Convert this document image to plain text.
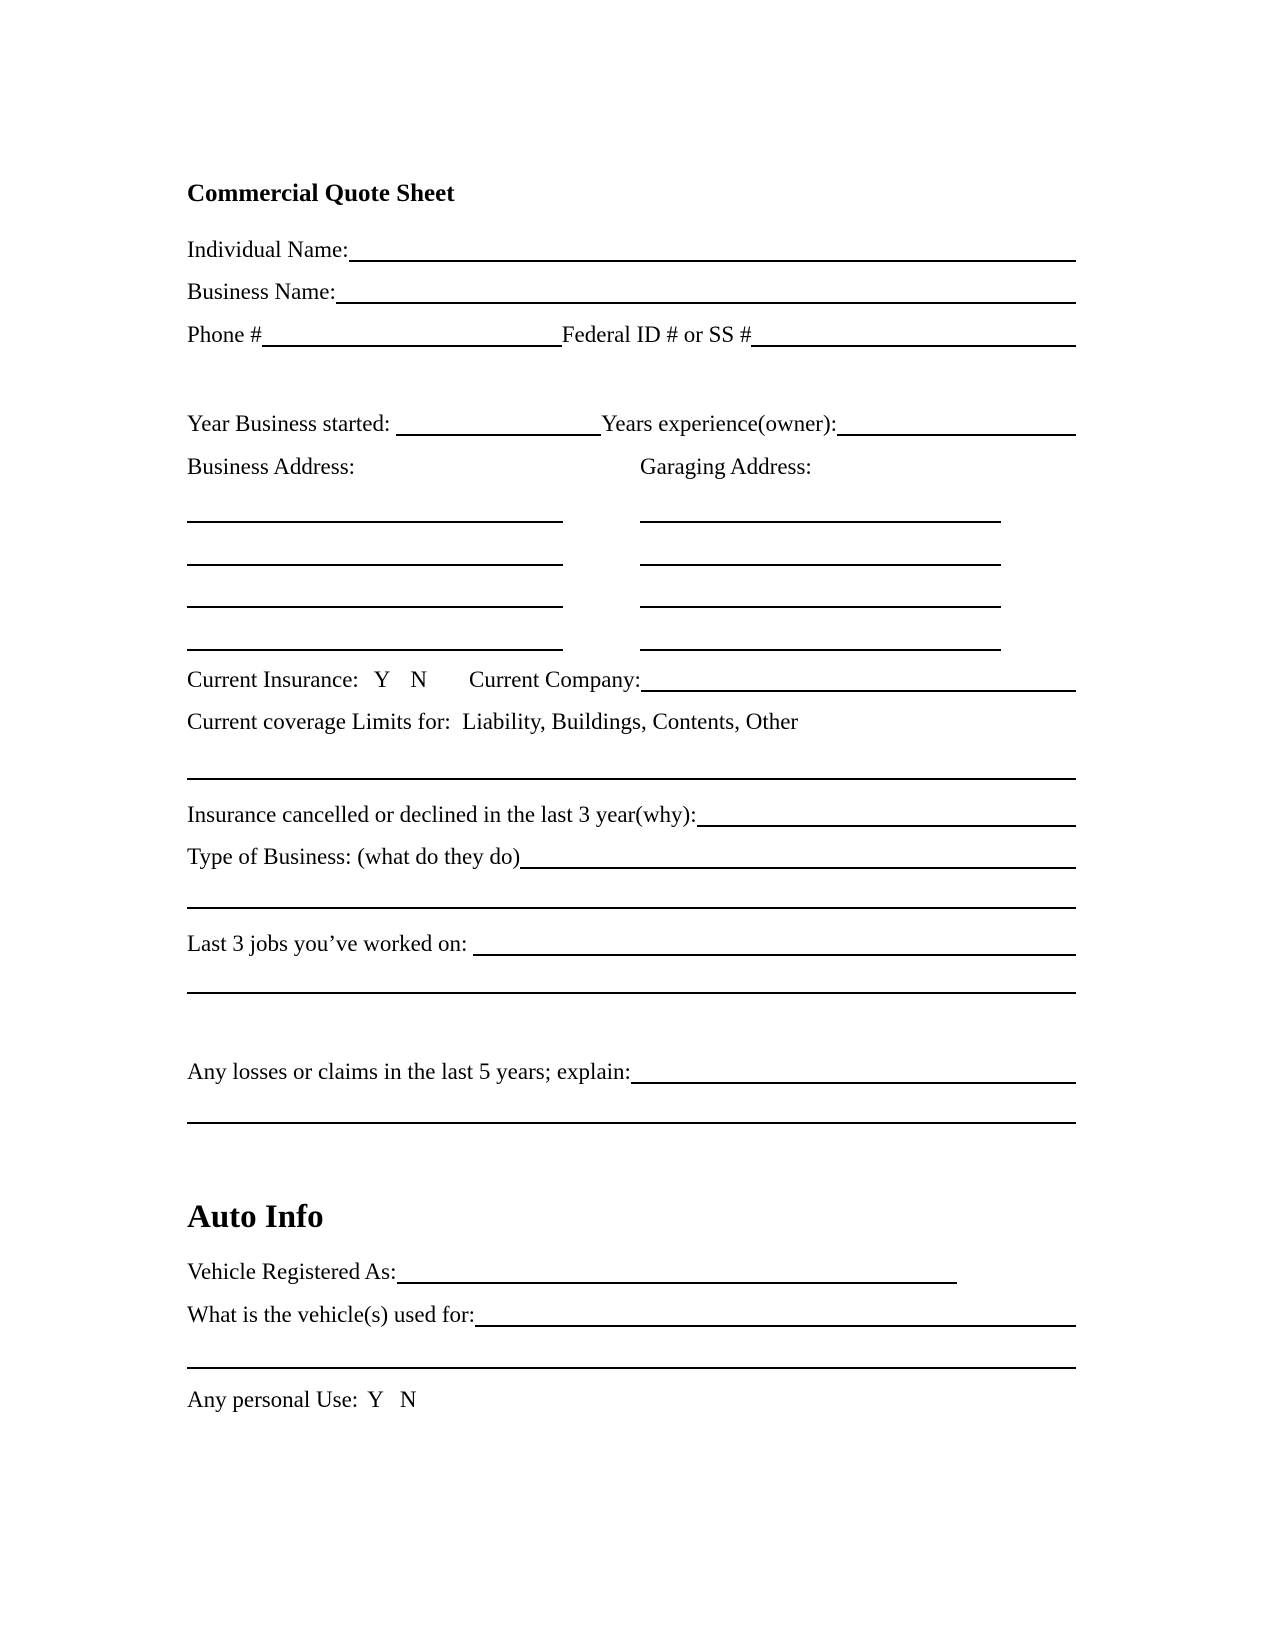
Commercial Quote Sheet
Individual Name:
Business Name:
Phone #	Federal ID # or SS #
Year Business started:	Years experience(owner):
Business Address:	Garaging Address:
Current Insurance: Y N Current Company:
Current coverage Limits for:  Liability, Buildings, Contents, Other
Insurance cancelled or declined in the last 3 year(why):
Type of Business: (what do they do)
Last 3 jobs you’ve worked on:
Any losses or claims in the last 5 years; explain:
Auto Info
Vehicle Registered As:
What is the vehicle(s) used for:
Any personal Use: Y N
